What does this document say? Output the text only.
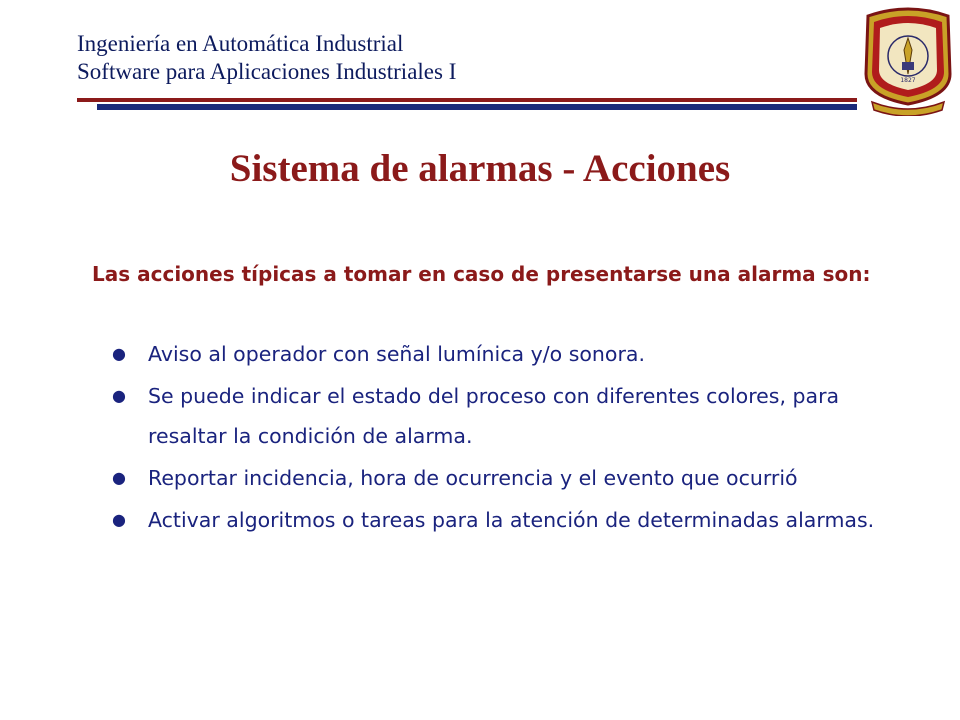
Ingeniería en Automática Industrial
Software para Aplicaciones Industriales I	1827
Sistema de alarmas - Acciones
Las acciones típicas a tomar en caso de presentarse una alarma son:
● Aviso al operador con señal lumínica y/o sonora.
● Se puede indicar el estado del proceso con diferentes colores, para resaltar la condición de alarma.
● Reportar incidencia, hora de ocurrencia y el evento que ocurrió
● Activar algoritmos o tareas para la atención de determinadas alarmas.
